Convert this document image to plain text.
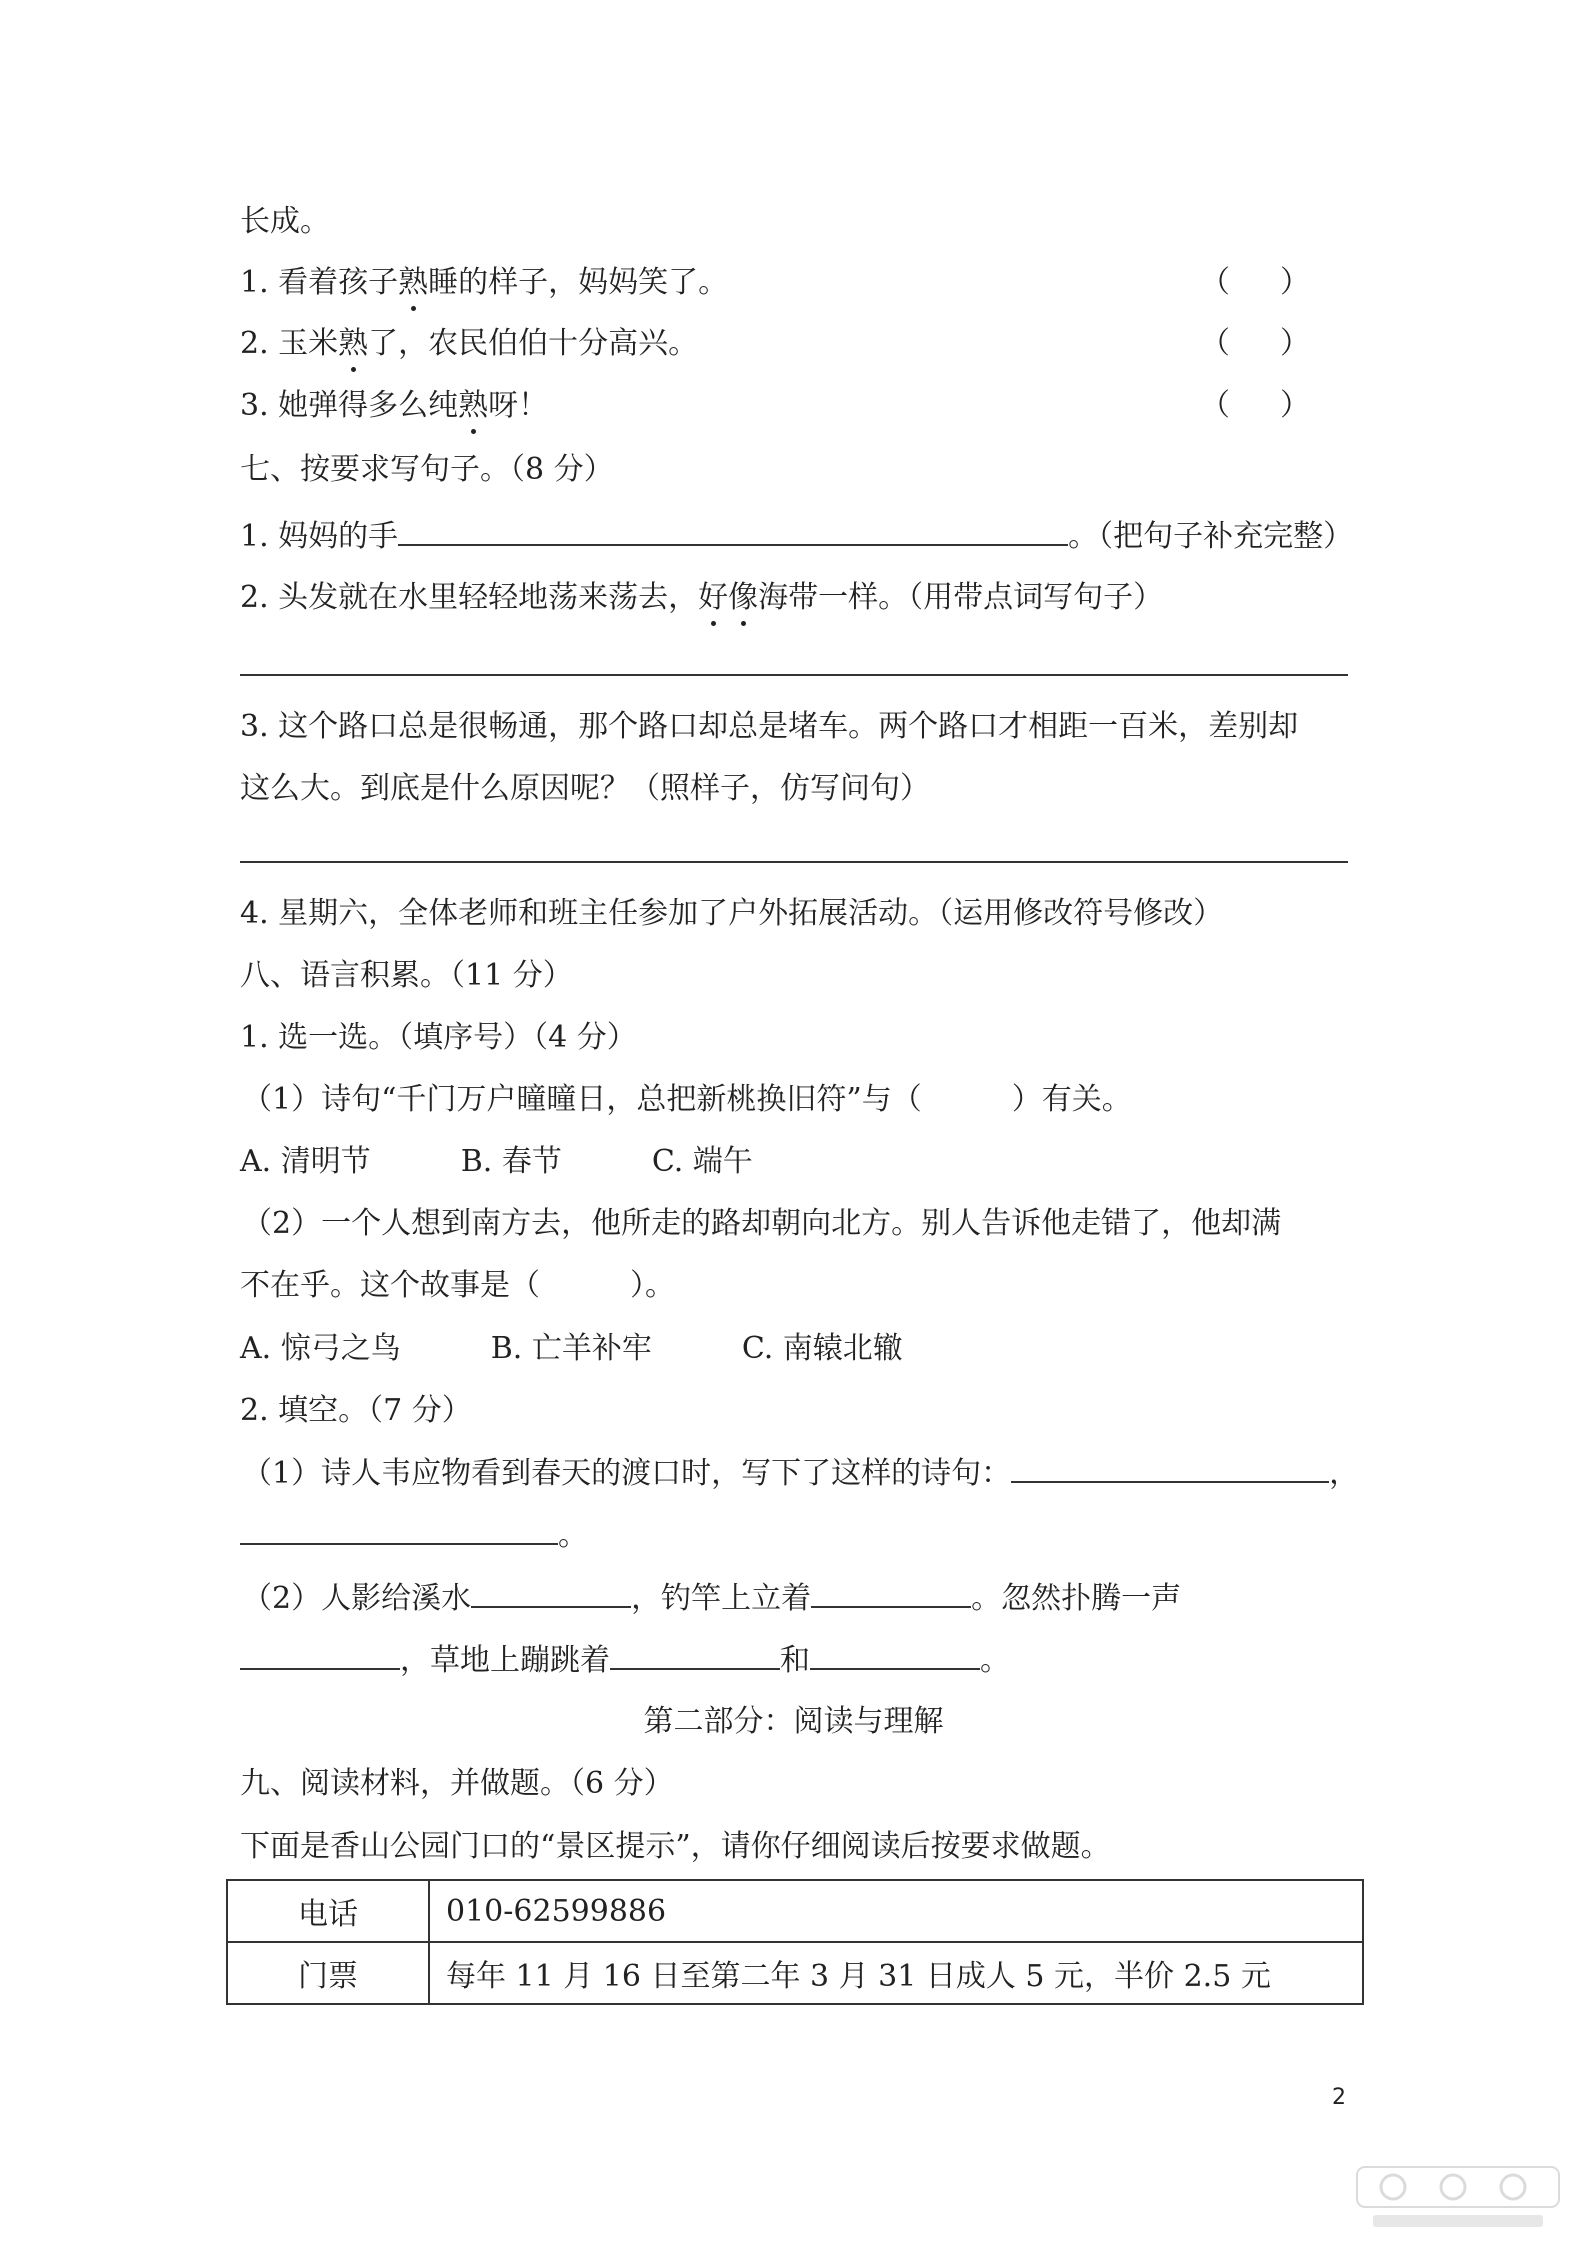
长成。
1. 看着孩子熟睡的样子，妈妈笑了。	（ ）
2. 玉米熟了，农民伯伯十分高兴。	（ ）
3. 她弹得多么纯熟呀！	（ ）
七、按要求写句子。（8 分）
1. 妈妈的手	。（把句子补充完整）
2. 头发就在水里轻轻地荡来荡去，好像海带一样。（用带点词写句子）
3. 这个路口总是很畅通，那个路口却总是堵车。两个路口才相距一百米，差别却
这么大。到底是什么原因呢？（照样子，仿写问句）
4. 星期六，全体老师和班主任参加了户外拓展活动。（运用修改符号修改）
八、语言积累。（11 分）
1. 选一选。（填序号）（4 分）
（1）诗句“千门万户曈曈日，总把新桃换旧符”与（　　　）有关。
A. 清明节　　　B. 春节　　　C. 端午
（2）一个人想到南方去，他所走的路却朝向北方。别人告诉他走错了，他却满
不在乎。这个故事是（　　　）。
A. 惊弓之鸟　　　B. 亡羊补牢　　　C. 南辕北辙
2. 填空。（7 分）
（1）诗人韦应物看到春天的渡口时，写下了这样的诗句：	，
。
（2）人影给溪水	，钓竿上立着	。忽然扑腾一声
，草地上蹦跳着	和	。
第二部分：阅读与理解
九、阅读材料，并做题。（6 分）
下面是香山公园门口的“景区提示”，请你仔细阅读后按要求做题。
电话	010-62599886
门票	每年 11 月 16 日至第二年 3 月 31 日成人 5 元，半价 2.5 元
2
